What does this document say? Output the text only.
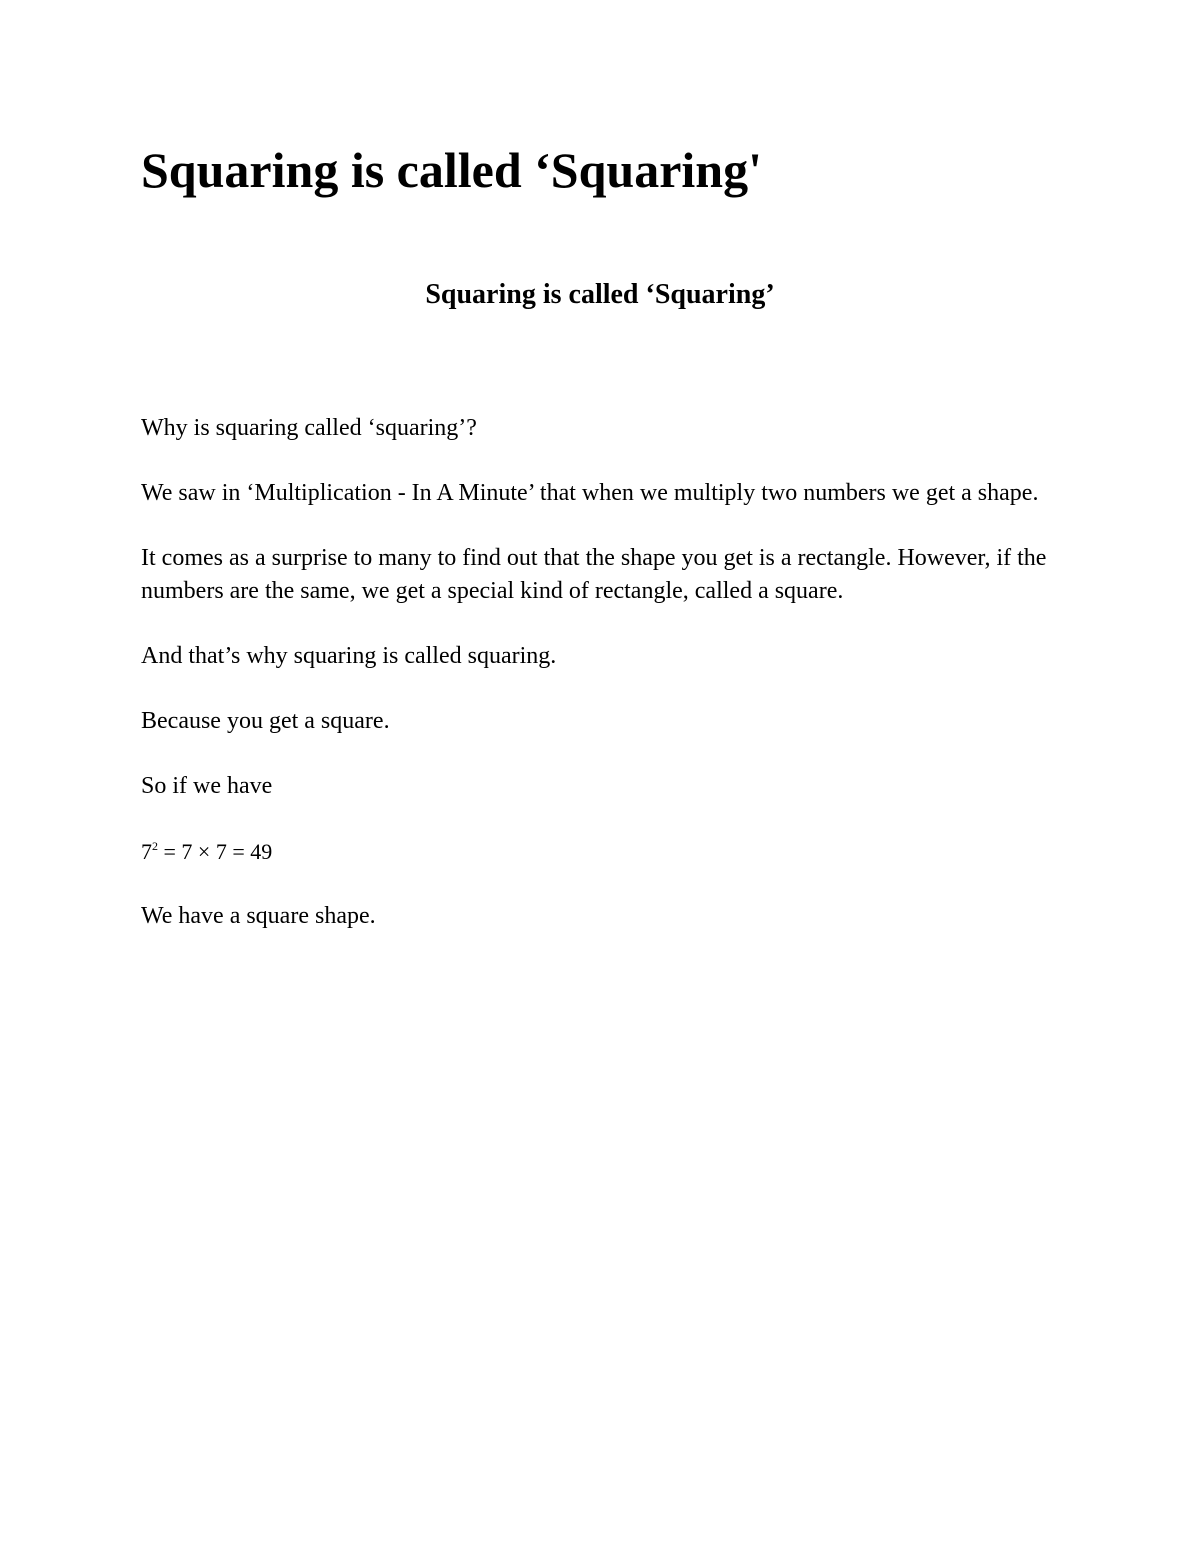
Squaring is called ‘Squaring'
Squaring is called ‘Squaring’

Why is squaring called ‘squaring’?

We saw in ‘Multiplication - In A Minute’ that when we multiply two numbers we get a shape.

It comes as a surprise to many to find out that the shape you get is a rectangle. However, if the numbers are the same, we get a special kind of rectangle, called a square.

And that’s why squaring is called squaring.

Because you get a square.

So if we have

$7^2 = 7 \times 7 = 49$

We have a square shape.
